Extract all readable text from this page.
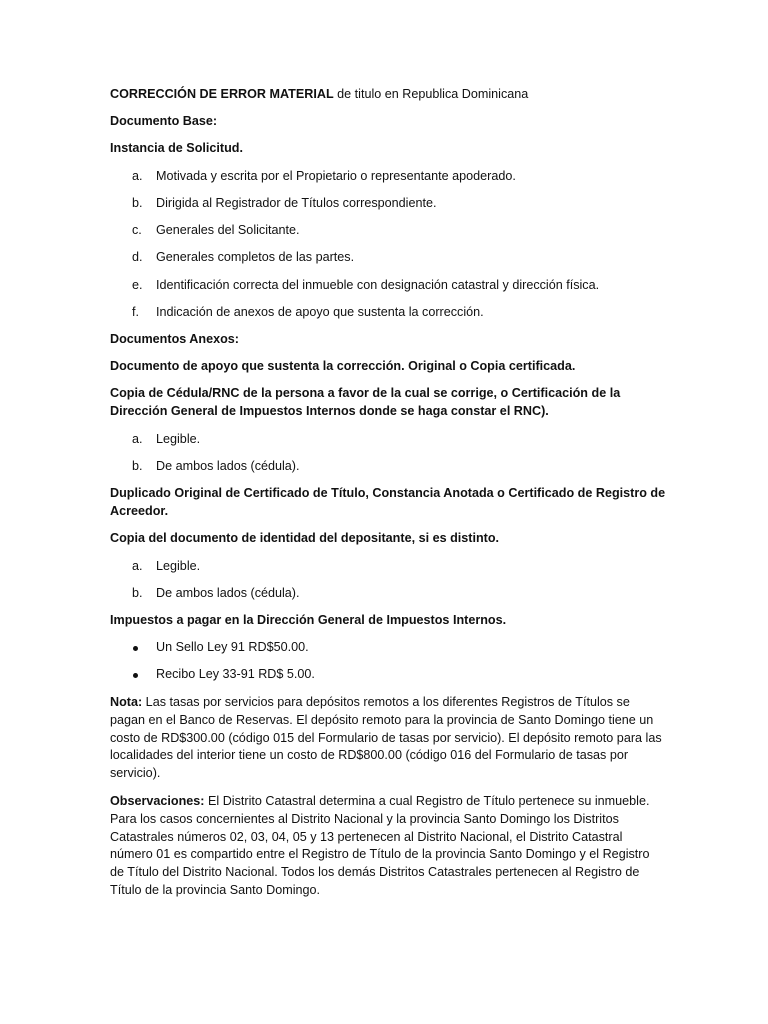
CORRECCIÓN DE ERROR MATERIAL de titulo en Republica Dominicana
Documento Base:
Instancia de Solicitud.
a. Motivada y escrita por el Propietario o representante apoderado.
b. Dirigida al Registrador de Títulos correspondiente.
c. Generales del Solicitante.
d. Generales completos de las partes.
e. Identificación correcta del inmueble con designación catastral y dirección física.
f. Indicación de anexos de apoyo que sustenta la corrección.
Documentos Anexos:
Documento de apoyo que sustenta la corrección. Original o Copia certificada.
Copia de Cédula/RNC de la persona a favor de la cual se corrige, o Certificación de la Dirección General de Impuestos Internos donde se haga constar el RNC).
a. Legible.
b. De ambos lados (cédula).
Duplicado Original de Certificado de Título, Constancia Anotada o Certificado de Registro de Acreedor.
Copia del documento de identidad del depositante, si es distinto.
a. Legible.
b. De ambos lados (cédula).
Impuestos a pagar en la Dirección General de Impuestos Internos.
Un Sello Ley 91 RD$50.00.
Recibo Ley 33-91 RD$ 5.00.
Nota: Las tasas por servicios para depósitos remotos a los diferentes Registros de Títulos se pagan en el Banco de Reservas. El depósito remoto para la provincia de Santo Domingo tiene un costo de RD$300.00 (código 015 del Formulario de tasas por servicio). El depósito remoto para las localidades del interior tiene un costo de RD$800.00 (código 016 del Formulario de tasas por servicio).
Observaciones: El Distrito Catastral determina a cual Registro de Título pertenece su inmueble. Para los casos concernientes al Distrito Nacional y la provincia Santo Domingo los Distritos Catastrales números 02, 03, 04, 05 y 13 pertenecen al Distrito Nacional, el Distrito Catastral número 01 es compartido entre el Registro de Título de la provincia Santo Domingo y el Registro de Título del Distrito Nacional. Todos los demás Distritos Catastrales pertenecen al Registro de Título de la provincia Santo Domingo.
